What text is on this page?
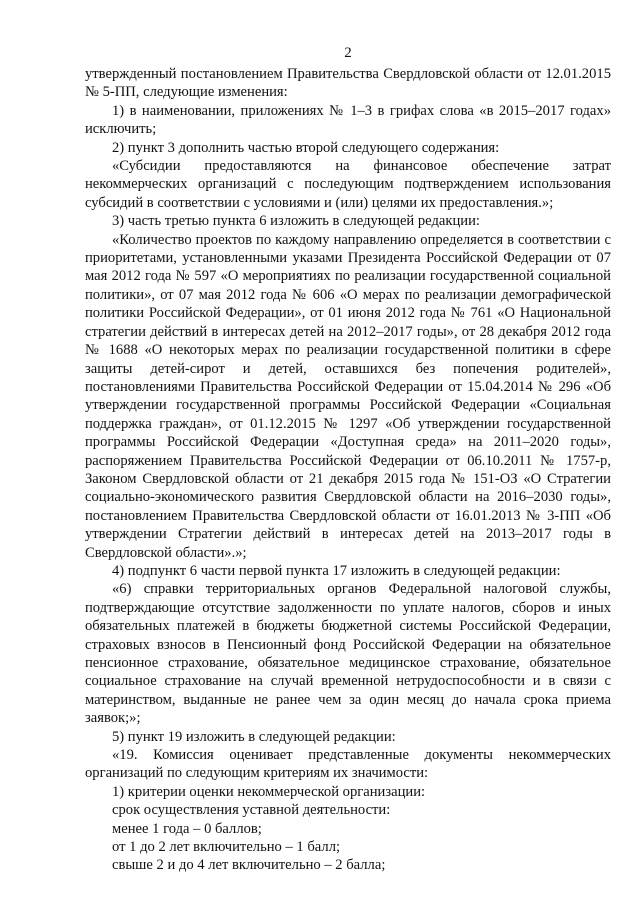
2

утвержденный постановлением Правительства Свердловской области от 12.01.2015 № 5-ПП, следующие изменения:

1) в наименовании, приложениях № 1–3 в грифах слова «в 2015–2017 годах» исключить;

2) пункт 3 дополнить частью второй следующего содержания:

«Субсидии предоставляются на финансовое обеспечение затрат некоммерческих организаций с последующим подтверждением использования субсидий в соответствии с условиями и (или) целями их предоставления.»;

3) часть третью пункта 6 изложить в следующей редакции:

«Количество проектов по каждому направлению определяется в соответствии с приоритетами, установленными указами Президента Российской Федерации от 07 мая 2012 года № 597 «О мероприятиях по реализации государственной социальной политики», от 07 мая 2012 года № 606 «О мерах по реализации демографической политики Российской Федерации», от 01 июня 2012 года № 761 «О Национальной стратегии действий в интересах детей на 2012–2017 годы», от 28 декабря 2012 года № 1688 «О некоторых мерах по реализации государственной политики в сфере защиты детей-сирот и детей, оставшихся без попечения родителей», постановлениями Правительства Российской Федерации от 15.04.2014 № 296 «Об утверждении государственной программы Российской Федерации «Социальная поддержка граждан», от 01.12.2015 № 1297 «Об утверждении государственной программы Российской Федерации «Доступная среда» на 2011–2020 годы», распоряжением Правительства Российской Федерации от 06.10.2011 № 1757-р, Законом Свердловской области от 21 декабря 2015 года № 151-ОЗ «О Стратегии социально-экономического развития Свердловской области на 2016–2030 годы», постановлением Правительства Свердловской области от 16.01.2013 № 3-ПП «Об утверждении Стратегии действий в интересах детей на 2013–2017 годы в Свердловской области».»;

4) подпункт 6 части первой пункта 17 изложить в следующей редакции:

«6) справки территориальных органов Федеральной налоговой службы, подтверждающие отсутствие задолженности по уплате налогов, сборов и иных обязательных платежей в бюджеты бюджетной системы Российской Федерации, страховых взносов в Пенсионный фонд Российской Федерации на обязательное пенсионное страхование, обязательное медицинское страхование, обязательное социальное страхование на случай временной нетрудоспособности и в связи с материнством, выданные не ранее чем за один месяц до начала срока приема заявок;»;

5) пункт 19 изложить в следующей редакции:

«19. Комиссия оценивает представленные документы некоммерческих организаций по следующим критериям их значимости:

1) критерии оценки некоммерческой организации:

срок осуществления уставной деятельности:

менее 1 года – 0 баллов;

от 1 до 2 лет включительно – 1 балл;

свыше 2 и до 4 лет включительно – 2 балла;
